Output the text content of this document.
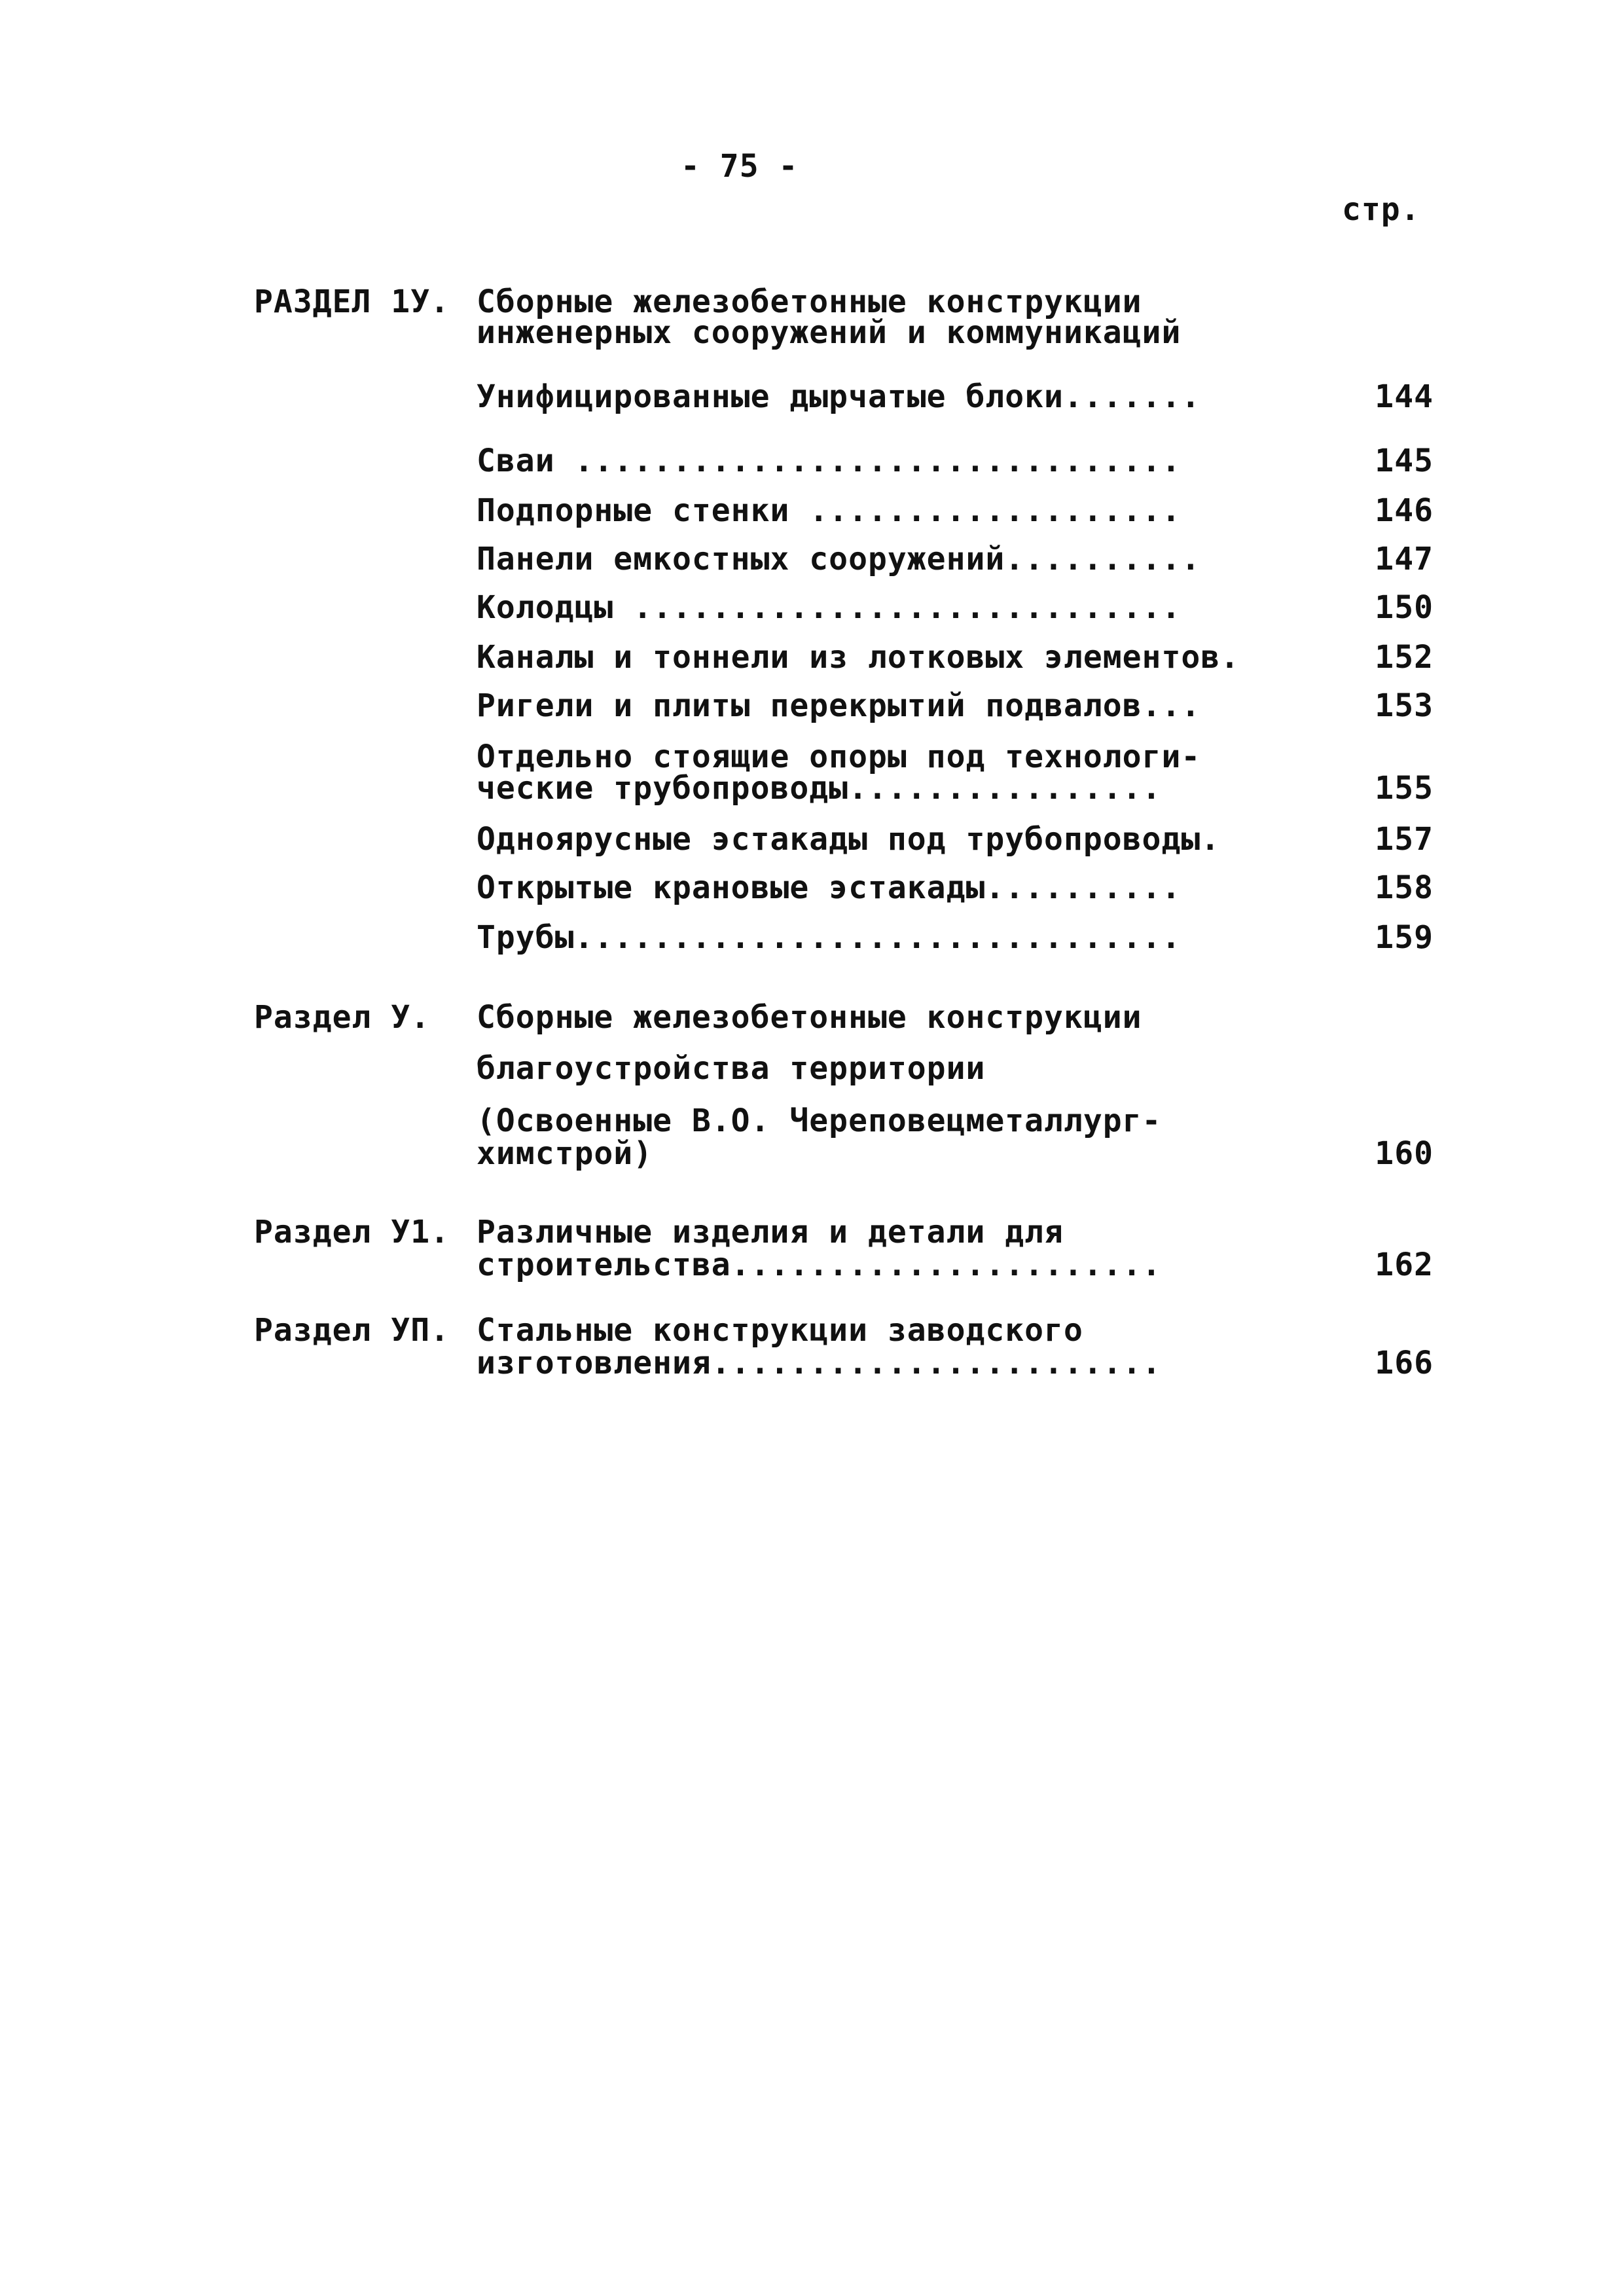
- 75 -
стр.
РАЗДЕЛ 1У. Сборные железобетонные конструкции
инженерных сооружений и коммуникаций
Унифицированные дырчатые блоки.......	144
Сваи ...............................	145
Подпорные стенки ...................	146
Панели емкостных сооружений..........	147
Колодцы ............................	150
Каналы и тоннели из лотковых элементов.	152
Ригели и плиты перекрытий подвалов...	153
Отдельно стоящие опоры под технологи-
ческие трубопроводы................	155
Одноярусные эстакады под трубопроводы.	157
Открытые крановые эстакады..........	158
Трубы...............................	159
Раздел У. Сборные железобетонные конструкции
благоустройства территории
(Освоенные В.О. Череповецметаллург-
химстрой)	160
Раздел У1. Различные изделия и детали для
строительства......................	162
Раздел УП. Стальные конструкции заводского
изготовления.......................	166
